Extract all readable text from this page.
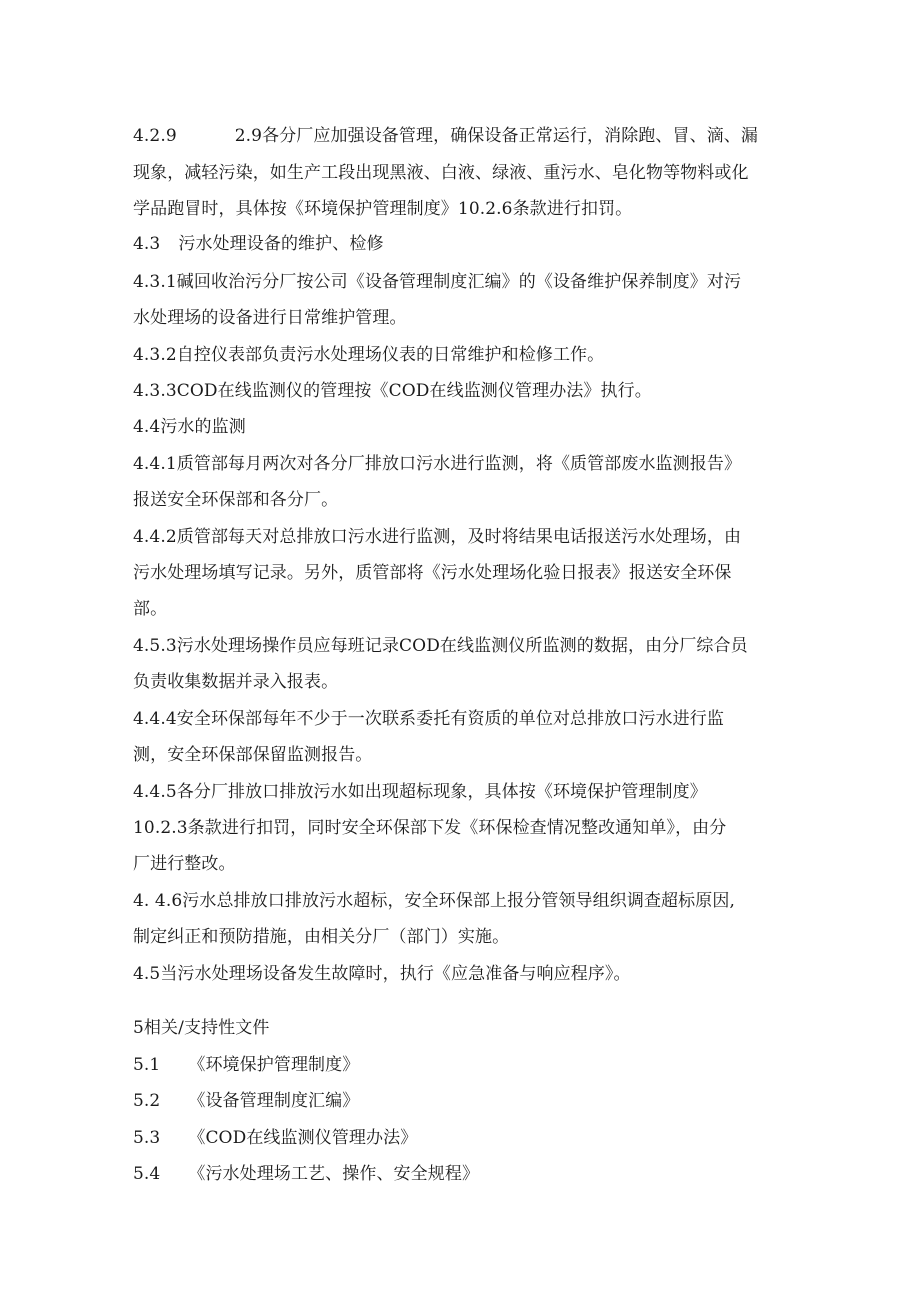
4.2.9	2.9各分厂应加强设备管理，确保设备正常运行，消除跑、冒、滴、漏
现象，减轻污染，如生产工段出现黑液、白液、绿液、重污水、皂化物等物料或化
学品跑冒时，具体按《环境保护管理制度》10.2.6条款进行扣罚。
4.3 污水处理设备的维护、检修
4.3.1碱回收治污分厂按公司《设备管理制度汇编》的《设备维护保养制度》对污
水处理场的设备进行日常维护管理。
4.3.2自控仪表部负责污水处理场仪表的日常维护和检修工作。
4.3.3COD在线监测仪的管理按《COD在线监测仪管理办法》执行。
4.4污水的监测
4.4.1质管部每月两次对各分厂排放口污水进行监测，将《质管部废水监测报告》
报送安全环保部和各分厂。
4.4.2质管部每天对总排放口污水进行监测，及时将结果电话报送污水处理场，由
污水处理场填写记录。另外，质管部将《污水处理场化验日报表》报送安全环保
部。
4.5.3污水处理场操作员应每班记录COD在线监测仪所监测的数据，由分厂综合员
负责收集数据并录入报表。
4.4.4安全环保部每年不少于一次联系委托有资质的单位对总排放口污水进行监
测，安全环保部保留监测报告。
4.4.5各分厂排放口排放污水如出现超标现象，具体按《环境保护管理制度》
10.2.3条款进行扣罚，同时安全环保部下发《环保检查情况整改通知单》，由分
厂进行整改。
4. 4.6污水总排放口排放污水超标，安全环保部上报分管领导组织调查超标原因,
制定纠正和预防措施，由相关分厂（部门）实施。
4.5当污水处理场设备发生故障时，执行《应急准备与响应程序》。
5相关/支持性文件
5.1 《环境保护管理制度》
5.2 《设备管理制度汇编》
5.3 《COD在线监测仪管理办法》
5.4 《污水处理场工艺、操作、安全规程》
